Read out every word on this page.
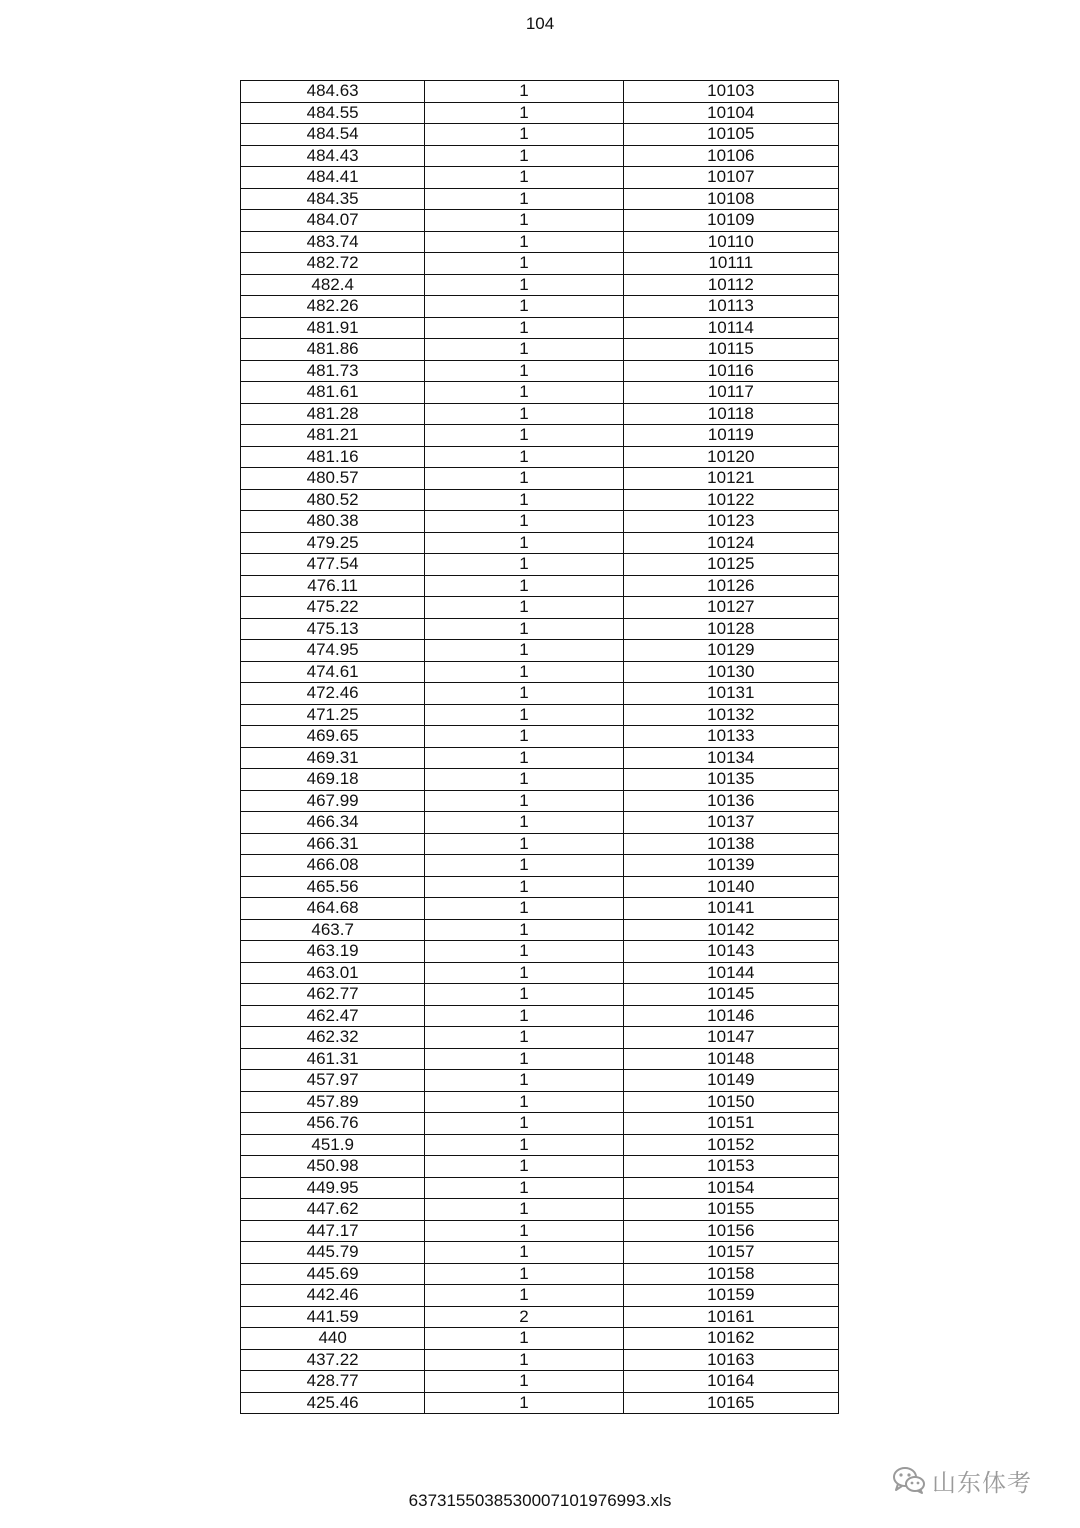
104
484.63	1	10103
484.55	1	10104
484.54	1	10105
484.43	1	10106
484.41	1	10107
484.35	1	10108
484.07	1	10109
483.74	1	10110
482.72	1	10111
482.4	1	10112
482.26	1	10113
481.91	1	10114
481.86	1	10115
481.73	1	10116
481.61	1	10117
481.28	1	10118
481.21	1	10119
481.16	1	10120
480.57	1	10121
480.52	1	10122
480.38	1	10123
479.25	1	10124
477.54	1	10125
476.11	1	10126
475.22	1	10127
475.13	1	10128
474.95	1	10129
474.61	1	10130
472.46	1	10131
471.25	1	10132
469.65	1	10133
469.31	1	10134
469.18	1	10135
467.99	1	10136
466.34	1	10137
466.31	1	10138
466.08	1	10139
465.56	1	10140
464.68	1	10141
463.7	1	10142
463.19	1	10143
463.01	1	10144
462.77	1	10145
462.47	1	10146
462.32	1	10147
461.31	1	10148
457.97	1	10149
457.89	1	10150
456.76	1	10151
451.9	1	10152
450.98	1	10153
449.95	1	10154
447.62	1	10155
447.17	1	10156
445.79	1	10157
445.69	1	10158
442.46	1	10159
441.59	2	10161
440	1	10162
437.22	1	10163
428.77	1	10164
425.46	1	10165
637315503853000710197699З.xls
山东体考
